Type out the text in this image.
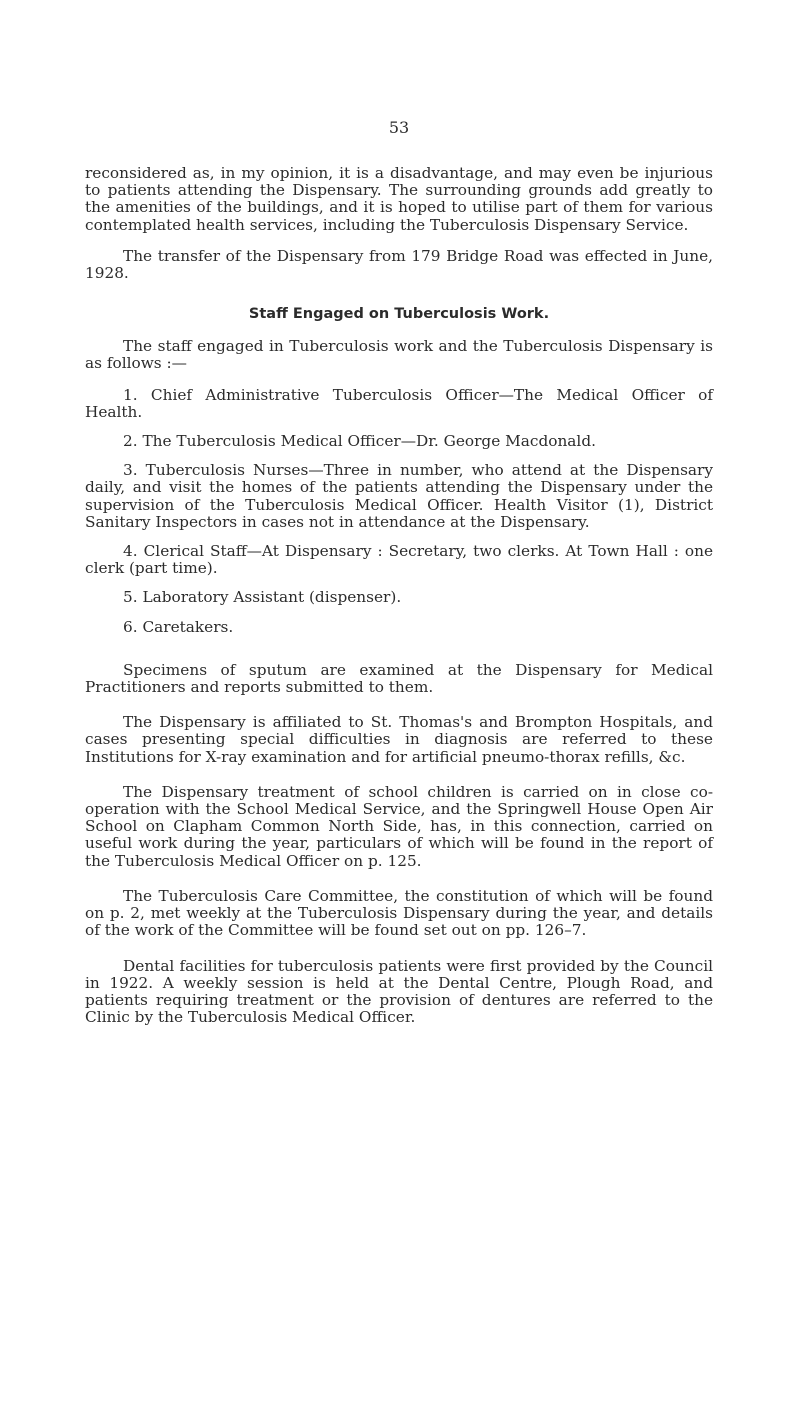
53

reconsidered as, in my opinion, it is a disadvantage, and may even be injurious to patients attending the Dispensary. The surrounding grounds add greatly to the amenities of the buildings, and it is hoped to utilise part of them for various contemplated health services, including the Tuberculosis Dispensary Service.

The transfer of the Dispensary from 179 Bridge Road was effected in June, 1928.

Staff Engaged on Tuberculosis Work.

The staff engaged in Tuberculosis work and the Tuberculosis Dispensary is as follows :—

1. Chief Administrative Tuberculosis Officer—The Medical Officer of Health.
2. The Tuberculosis Medical Officer—Dr. George Macdonald.
3. Tuberculosis Nurses—Three in number, who attend at the Dispensary daily, and visit the homes of the patients attending the Dispensary under the supervision of the Tuberculosis Medical Officer. Health Visitor (1), District Sanitary Inspectors in cases not in attendance at the Dispensary.
4. Clerical Staff—At Dispensary : Secretary, two clerks. At Town Hall : one clerk (part time).
5. Laboratory Assistant (dispenser).
6. Caretakers.

Specimens of sputum are examined at the Dispensary for Medical Practitioners and reports submitted to them.

The Dispensary is affiliated to St. Thomas's and Brompton Hospitals, and cases presenting special difficulties in diagnosis are referred to these Institutions for X-ray examination and for artificial pneumo-thorax refills, &c.

The Dispensary treatment of school children is carried on in close co-operation with the School Medical Service, and the Springwell House Open Air School on Clapham Common North Side, has, in this connection, carried on useful work during the year, particulars of which will be found in the report of the Tuberculosis Medical Officer on p. 125.

The Tuberculosis Care Committee, the constitution of which will be found on p. 2, met weekly at the Tuberculosis Dispensary during the year, and details of the work of the Committee will be found set out on pp. 126–7.

Dental facilities for tuberculosis patients were first provided by the Council in 1922. A weekly session is held at the Dental Centre, Plough Road, and patients requiring treatment or the provision of dentures are referred to the Clinic by the Tuberculosis Medical Officer.
